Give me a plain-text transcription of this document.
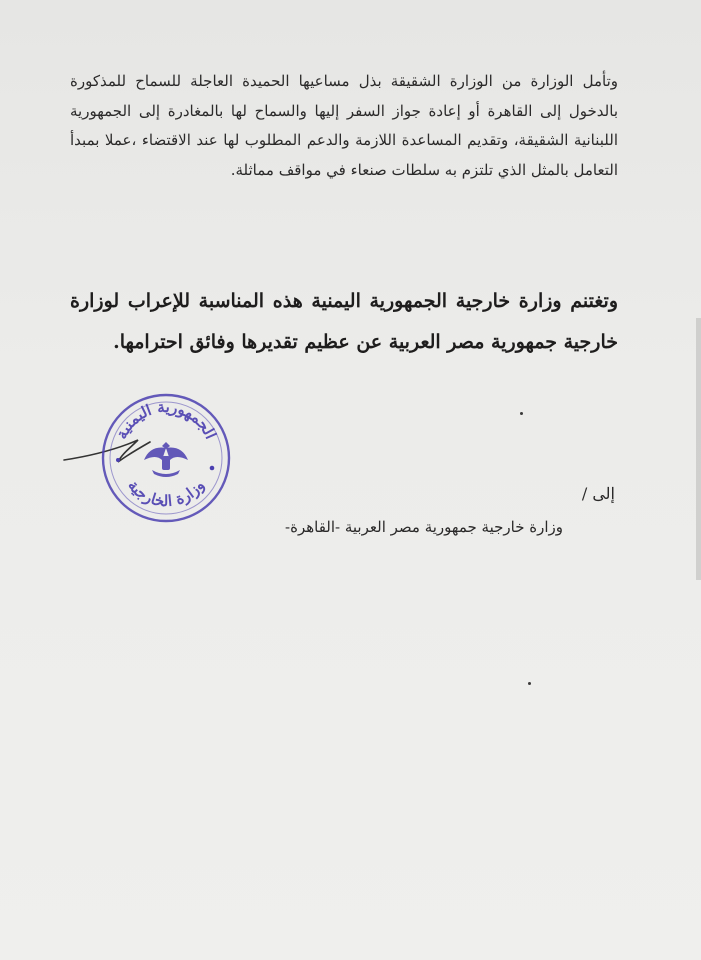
وتأمل الوزارة من الوزارة الشقيقة بذل مساعيها الحميدة العاجلة للسماح للمذكورة بالدخول إلى القاهرة أو إعادة جواز السفر إليها والسماح لها بالمغادرة إلى الجمهورية اللبنانية الشقيقة، وتقديم المساعدة اللازمة والدعم المطلوب لها عند الاقتضاء ،عملا بمبدأ التعامل بالمثل الذي تلتزم به سلطات صنعاء في مواقف مماثلة.

وتغتنم وزارة خارجية الجمهورية اليمنية هذه المناسبة للإعراب لوزارة خارجية جمهورية مصر العربية عن عظيم تقديرها وفائق احترامها.

الجمهورية اليمنية
وزارة الخارجية	إلى /
وزارة خارجية جمهورية مصر العربية -القاهرة-
